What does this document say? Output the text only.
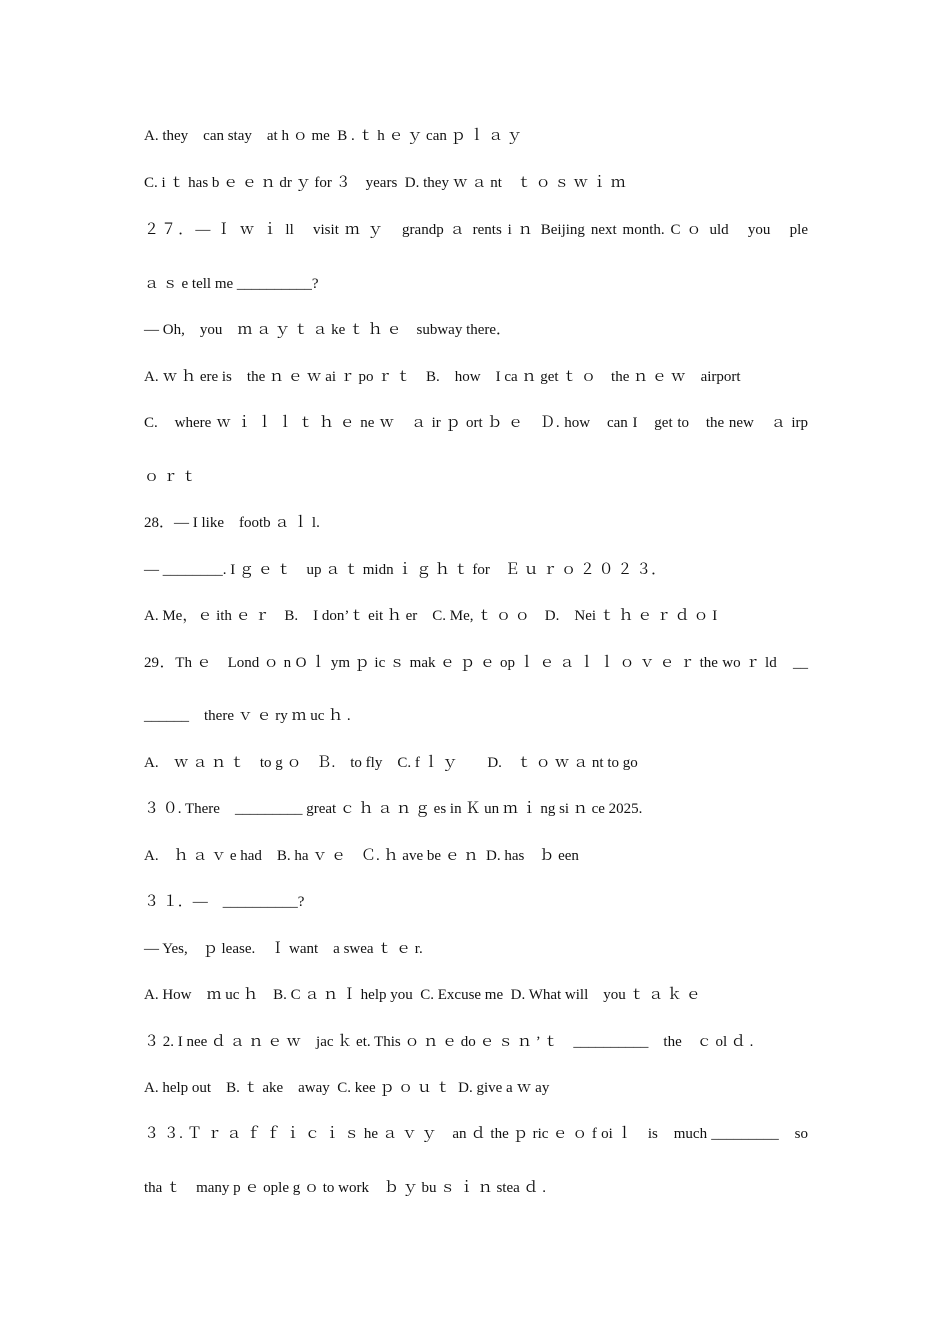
A. they　can stay　at h ｏ me  B . ｔ h ｅ ｙ can ｐ ｌ ａ ｙ
C. i ｔ has b ｅ ｅ ｎ dr ｙ for ３　years  D. they ｗ ａ nt　ｔ ｏ ｓ ｗ ｉ ｍ
２７．— Ｉ ｗ ｉ ll　visit ｍ ｙ　grandp ａ rents i ｎ Beijing next month. C ｏ uld　you　ple
ａ ｓ e tell me __________?
— Oh,　you　ｍ ａ ｙ ｔ ａ ke ｔ ｈ ｅ　subway there．
A. ｗ ｈ ere is　the ｎ ｅ ｗ ai ｒ po ｒ ｔ　B.　how　I ca ｎ get ｔ ｏ　the ｎ ｅ ｗ　airport
C.　where ｗ ｉ ｌ ｌ ｔ ｈ ｅ ne ｗ　ａ ir ｐ ort ｂ ｅ　Ｄ. how　can I　get to　the new　ａ irp
ｏ ｒ ｔ
28．— I like　footb ａ ｌ l.
— ________. I ｇ ｅ ｔ　up ａ ｔ midn ｉ ｇ ｈ ｔ for　Ｅ ｕ ｒ ｏ ２ ０ ２ ３．
A. Me，ｅ ith ｅ ｒ　B.　I don’ｔ eit ｈ er　C. Me, ｔ ｏ ｏ　D.　Nei ｔ ｈ ｅ ｒ ｄ ｏ I
29．Th ｅ　Lond ｏ n O ｌ ym ｐ ic ｓ mak ｅ ｐ ｅ op ｌ ｅ ａ ｌ ｌ ｏ ｖ ｅ ｒ the wo ｒ ld　__
______　there ｖ ｅ ry ｍ uc ｈ .
A.　ｗ ａ ｎ ｔ　to g ｏ　Ｂ.　to fly　C. f ｌ ｙ　　D.　ｔ ｏ ｗ ａ nt to go
３ ０. There　_________ great ｃ ｈ ａ ｎ ｇ es in Ｋ un ｍ ｉ ng si ｎ ce 2025.
A.　ｈ ａ ｖ e had　B. ha ｖ ｅ　Ｃ. ｈ ave be ｅ ｎ  D. has　ｂ een
３ １．—　__________?
— Yes,　ｐ lease.　Ｉ want　a swea ｔ ｅ r.
A. How　ｍ uc ｈ　B. C ａ ｎ Ｉ help you  C. Excuse me  D. What will　you ｔ ａ ｋ ｅ
３ 2. I nee ｄ ａ ｎ ｅ ｗ　jac ｋ et. This ｏ ｎ ｅ do ｅ ｓ ｎ ’ ｔ　__________　the　ｃ ol ｄ .
A. help out　B. ｔ ake　away  C. kee ｐ ｏ ｕ ｔ  D. give a ｗ ay
３ ３. Ｔ ｒ ａ ｆ ｆ ｉ ｃ ｉ ｓ he ａ ｖ ｙ　an ｄ the ｐ ric ｅ ｏ f oi ｌ　is　much _________　so
tha ｔ　many p ｅ ople g ｏ to work　ｂ ｙ bu ｓ ｉ ｎ stea ｄ .
